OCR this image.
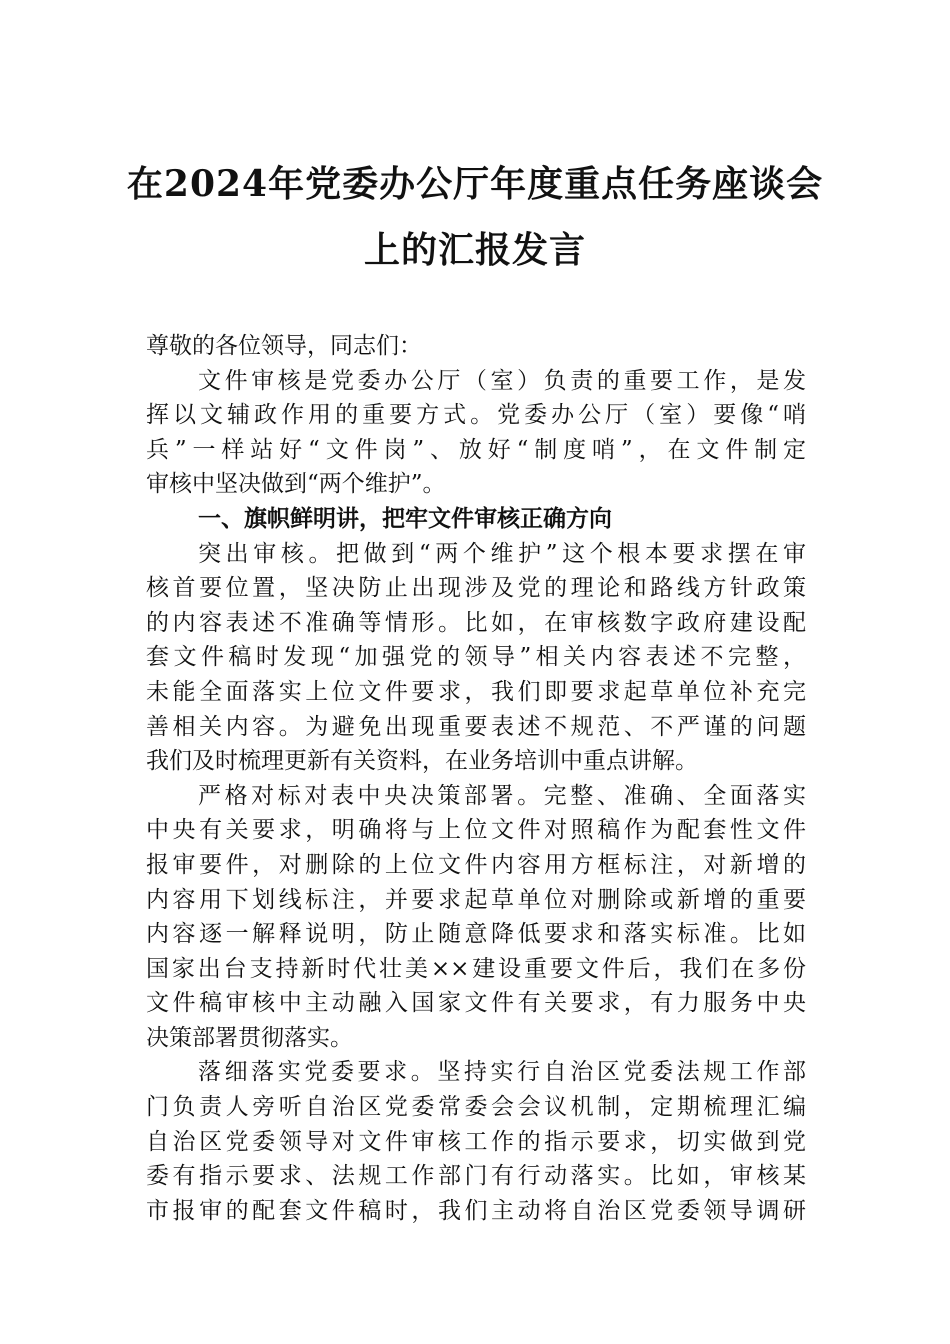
在2024年党委办公厅年度重点任务座谈会
上的汇报发言
尊敬的各位领导，同志们：
文件审核是党委办公厅（室）负责的重要工作，是发
挥以文辅政作用的重要方式。党委办公厅（室）要像“哨
兵”一样站好“文件岗”、放好“制度哨”，在文件制定
审核中坚决做到“两个维护”。
一、旗帜鲜明讲，把牢文件审核正确方向
突出审核。把做到“两个维护”这个根本要求摆在审
核首要位置，坚决防止出现涉及党的理论和路线方针政策
的内容表述不准确等情形。比如，在审核数字政府建设配
套文件稿时发现“加强党的领导”相关内容表述不完整，
未能全面落实上位文件要求，我们即要求起草单位补充完
善相关内容。为避免出现重要表述不规范、不严谨的问题
我们及时梳理更新有关资料，在业务培训中重点讲解。
严格对标对表中央决策部署。完整、准确、全面落实
中央有关要求，明确将与上位文件对照稿作为配套性文件
报审要件，对删除的上位文件内容用方框标注，对新增的
内容用下划线标注，并要求起草单位对删除或新增的重要
内容逐一解释说明，防止随意降低要求和落实标准。比如
国家出台支持新时代壮美××建设重要文件后，我们在多份
文件稿审核中主动融入国家文件有关要求，有力服务中央
决策部署贯彻落实。
落细落实党委要求。坚持实行自治区党委法规工作部
门负责人旁听自治区党委常委会会议机制，定期梳理汇编
自治区党委领导对文件审核工作的指示要求，切实做到党
委有指示要求、法规工作部门有行动落实。比如，审核某
市报审的配套文件稿时，我们主动将自治区党委领导调研
